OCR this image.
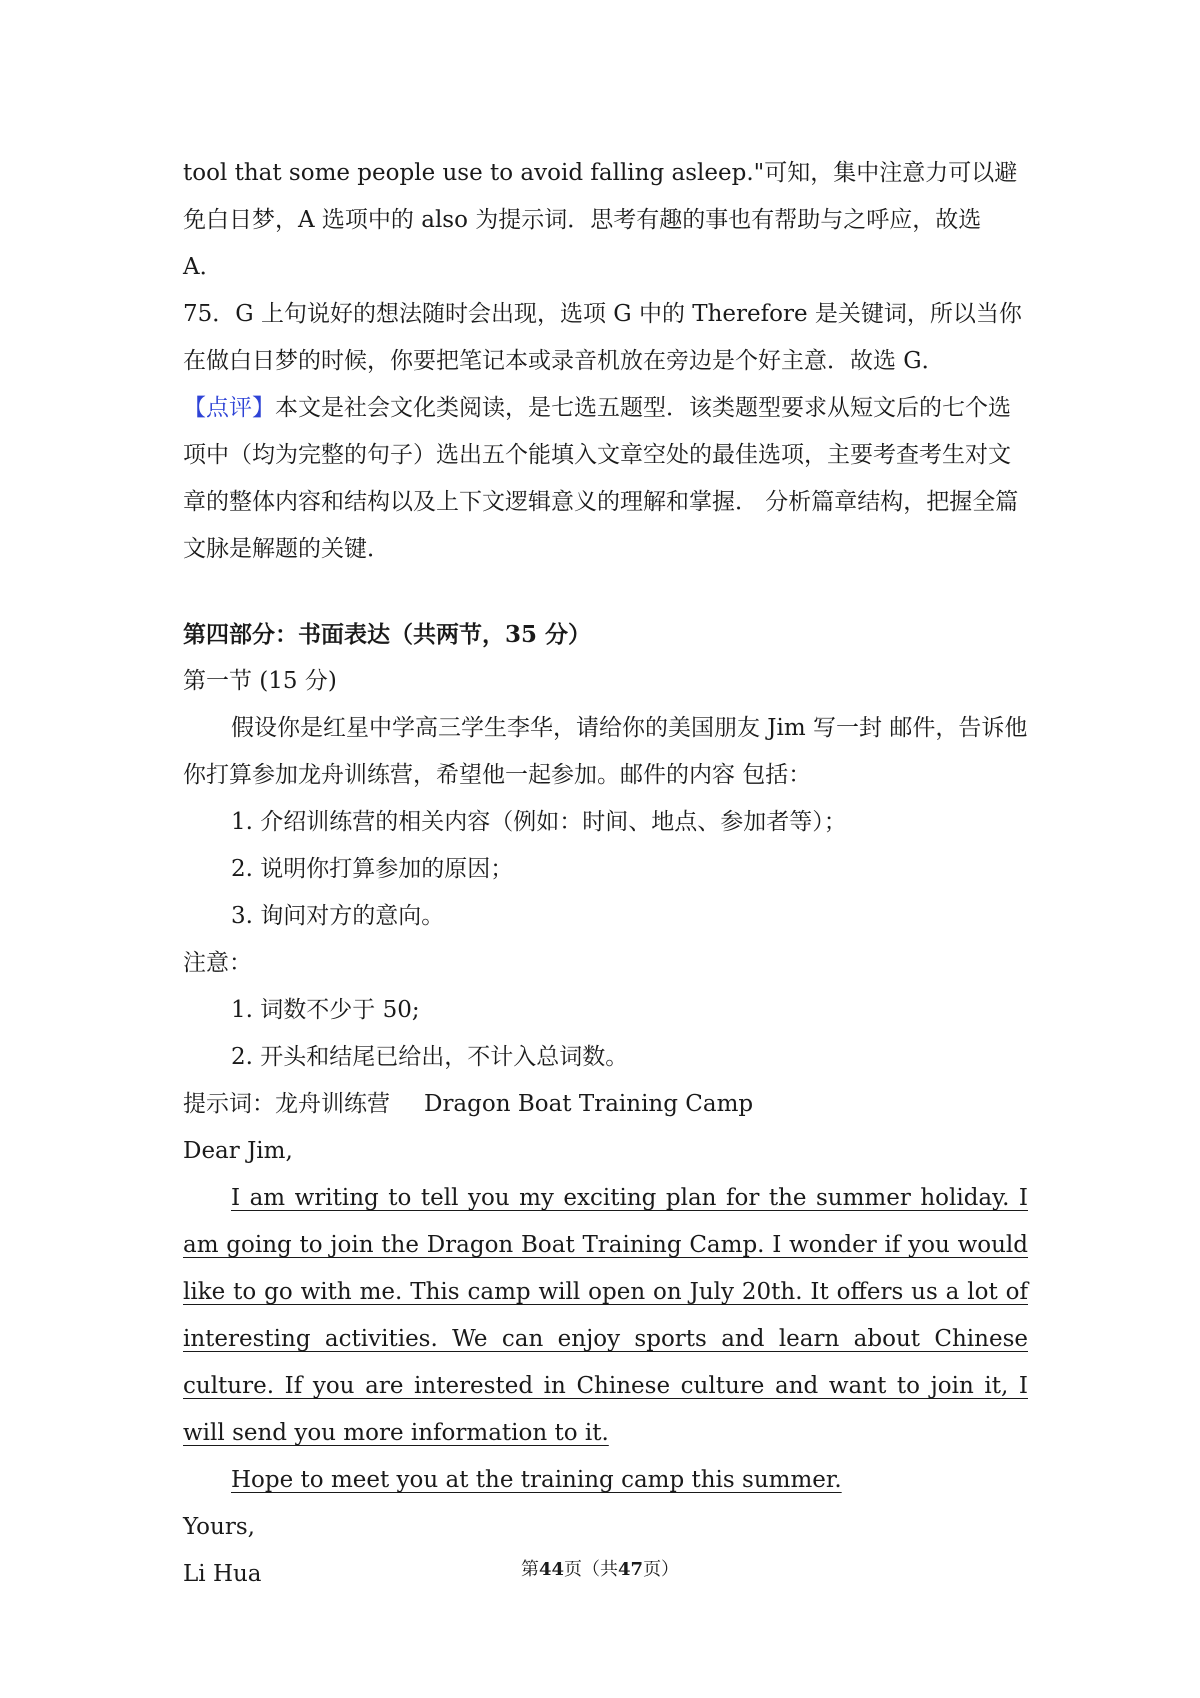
tool that some people use to avoid falling asleep."可知，集中注意力可以避免白日梦，A 选项中的 also 为提示词．思考有趣的事也有帮助与之呼应，故选 A．

75．G 上句说好的想法随时会出现，选项 G 中的 Therefore 是关键词，所以当你在做白日梦的时候，你要把笔记本或录音机放在旁边是个好主意．故选 G．

【点评】本文是社会文化类阅读，是七选五题型．该类题型要求从短文后的七个选项中（均为完整的句子）选出五个能填入文章空处的最佳选项，主要考查考生对文章的整体内容和结构以及上下文逻辑意义的理解和掌握． 分析篇章结构，把握全篇文脉是解题的关键．

第四部分：书面表达（共两节，35 分）

第一节 (15 分)

假设你是红星中学高三学生李华，请给你的美国朋友 Jim 写一封 邮件，告诉他你打算参加龙舟训练营，希望他一起参加。邮件的内容 包括：

1. 介绍训练营的相关内容（例如：时间、地点、参加者等）；

2. 说明你打算参加的原因；

3. 询问对方的意向。

注意：

1. 词数不少于 50;

2. 开头和结尾已给出，不计入总词数。

提示词：龙舟训练营 Dragon Boat Training Camp

Dear Jim,

I am writing to tell you my exciting plan for the summer holiday. I am going to join the Dragon Boat Training Camp. I wonder if you would like to go with me. This camp will open on July 20th. It offers us a lot of interesting activities. We can enjoy sports and learn about Chinese culture. If you are interested in Chinese culture and want to join it, I will send you more information to it.

Hope to meet you at the training camp this summer.

Yours,

Li Hua	第44页（共47页）
